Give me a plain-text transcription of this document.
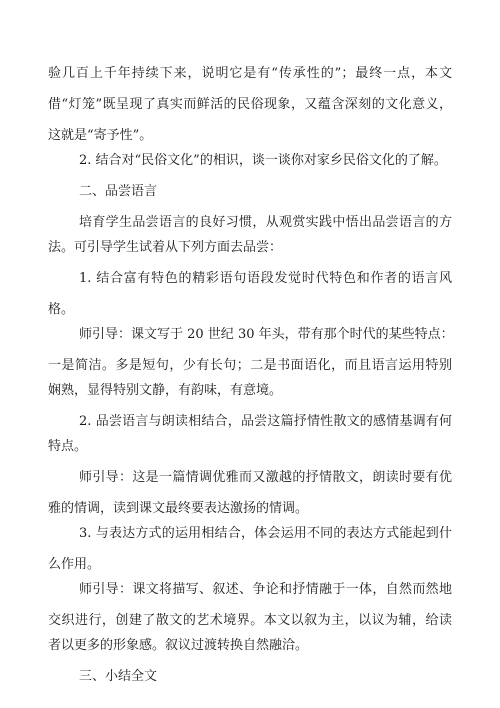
验几百上千年持续下来，说明它是有“传承性的”；最终一点，本文
借“灯笼”既呈现了真实而鲜活的民俗现象，又蕴含深刻的文化意义，
这就是“寄予性”。
2. 结合对“民俗文化”的相识，谈一谈你对家乡民俗文化的了解。
二、品尝语言
培育学生品尝语言的良好习惯，从观赏实践中悟出品尝语言的方
法。可引导学生试着从下列方面去品尝：
1. 结合富有特色的精彩语句语段发觉时代特色和作者的语言风
格。
师引导：课文写于 20 世纪 30 年头，带有那个时代的某些特点：
一是简洁。多是短句，少有长句；二是书面语化，而且语言运用特别
娴熟，显得特别文静，有韵味，有意境。
2. 品尝语言与朗读相结合，品尝这篇抒情性散文的感情基调有何
特点。
师引导：这是一篇情调优雅而又激越的抒情散文，朗读时要有优
雅的情调，读到课文最终要表达激扬的情调。
3. 与表达方式的运用相结合，体会运用不同的表达方式能起到什
么作用。
师引导：课文将描写、叙述、争论和抒情融于一体，自然而然地
交织进行，创建了散文的艺术境界。本文以叙为主，以议为辅，给读
者以更多的形象感。叙议过渡转换自然融洽。
三、小结全文
